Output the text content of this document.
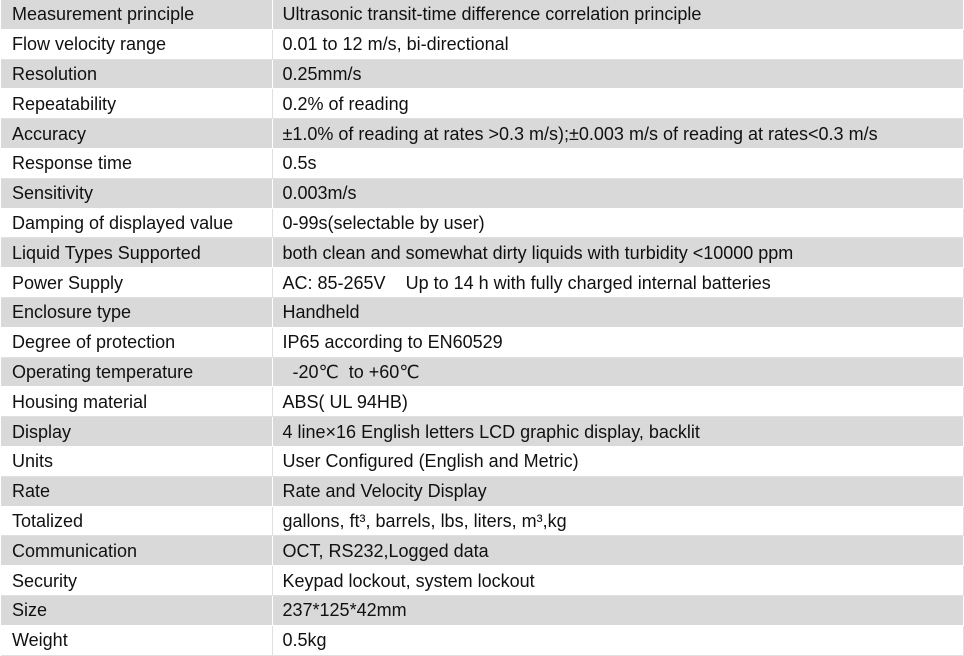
Measurement principle	Ultrasonic transit-time difference correlation principle
Flow velocity range	0.01 to 12 m/s, bi-directional
Resolution	0.25mm/s
Repeatability	0.2% of reading
Accuracy	±1.0% of reading at rates >0.3 m/s);±0.003 m/s of reading at rates<0.3 m/s
Response time	0.5s
Sensitivity	0.003m/s
Damping of displayed value	0-99s(selectable by user)
Liquid Types Supported	both clean and somewhat dirty liquids with turbidity <10000 ppm
Power Supply	AC: 85-265V    Up to 14 h with fully charged internal batteries
Enclosure type	Handheld
Degree of protection	IP65 according to EN60529
Operating temperature	-20℃  to +60℃
Housing material	ABS( UL 94HB)
Display	4 line×16 English letters LCD graphic display, backlit
Units	User Configured (English and Metric)
Rate	Rate and Velocity Display
Totalized	gallons, ft³, barrels, lbs, liters, m³,kg
Communication	OCT, RS232,Logged data
Security	Keypad lockout, system lockout
Size	237*125*42mm
Weight	0.5kg
